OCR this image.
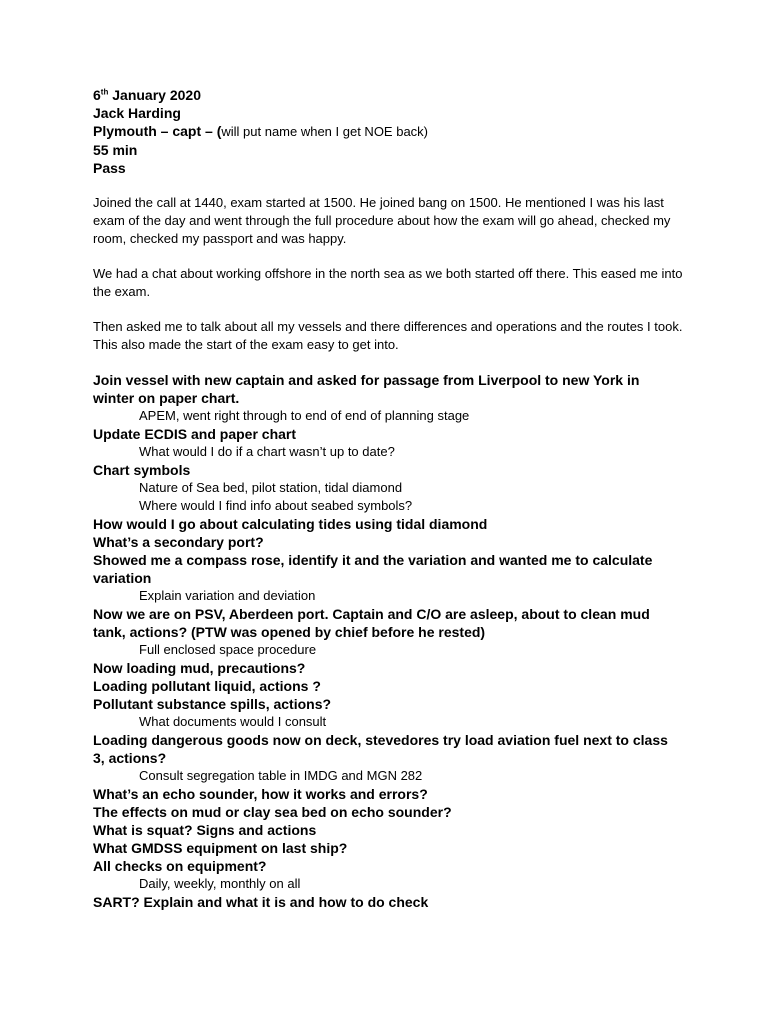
6th January 2020

Jack Harding

Plymouth – capt – (will put name when I get NOE back)

55 min

Pass

Joined the call at 1440, exam started at 1500. He joined bang on 1500. He mentioned I was his last exam of the day and went through the full procedure about how the exam will go ahead, checked my room, checked my passport and was happy.

We had a chat about working offshore in the north sea as we both started off there. This eased me into the exam.

Then asked me to talk about all my vessels and there differences and operations and the routes I took. This also made the start of the exam easy to get into.

Join vessel with new captain and asked for passage from Liverpool to new York in winter on paper chart.

APEM, went right through to end of end of planning stage

Update ECDIS and paper chart

What would I do if a chart wasn’t up to date?

Chart symbols

Nature of Sea bed, pilot station, tidal diamond

Where would I find info about seabed symbols?

How would I go about calculating tides using tidal diamond

What’s a secondary port?

Showed me a compass rose, identify it and the variation and wanted me to calculate variation

Explain variation and deviation

Now we are on PSV, Aberdeen port. Captain and C/O are asleep, about to clean mud tank, actions? (PTW was opened by chief before he rested)

Full enclosed space procedure

Now loading mud, precautions?

Loading pollutant liquid, actions ?

Pollutant substance spills, actions?

What documents would I consult

Loading dangerous goods now on deck, stevedores try load aviation fuel next to class 3, actions?

Consult segregation table in IMDG and MGN 282

What’s an echo sounder, how it works and errors?

The effects on mud or clay sea bed on echo sounder?

What is squat? Signs and actions

What GMDSS equipment on last ship?

All checks on equipment?

Daily, weekly, monthly on all

SART? Explain and what it is and how to do check
